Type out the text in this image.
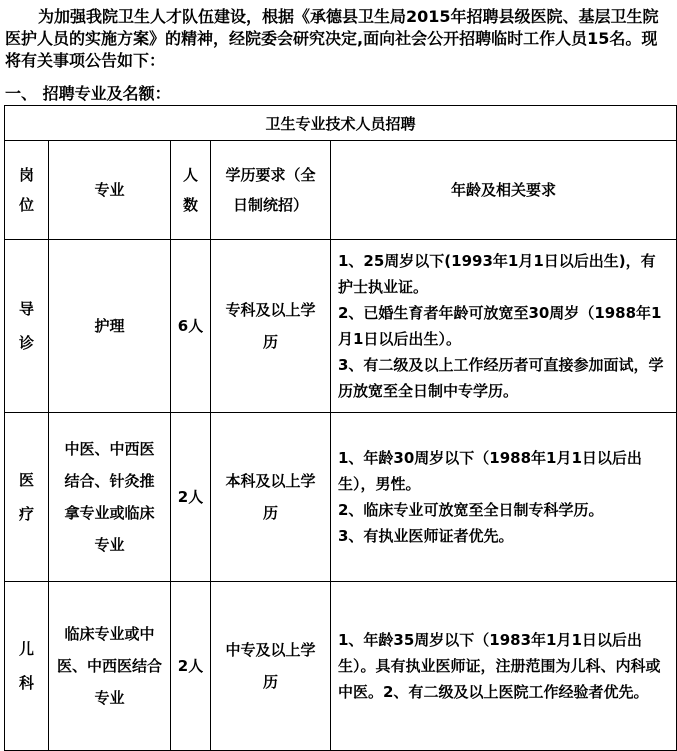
为加强我院卫生人才队伍建设，根据《承德县卫生局2015年招聘县级医院、基层卫生院医护人员的实施方案》的精神，经院委会研究决定,面向社会公开招聘临时工作人员15名。现将有关事项公告如下：

一、 招聘专业及名额：

卫生专业技术人员招聘				

岗位	专业	人数	学历要求（全日制统招）	年龄及相关要求

导诊	护理	6人	专科及以上学历	1、25周岁以下(1993年1月1日以后出生)，有护士执业证。
2、已婚生育者年龄可放宽至30周岁（1988年1月1日以后出生）。
3、有二级及以上工作经历者可直接参加面试，学历放宽至全日制中专学历。

医疗	中医、中西医结合、针灸推拿专业或临床专业	2人	本科及以上学历	1、年龄30周岁以下（1988年1月1日以后出生），男性。
2、临床专业可放宽至全日制专科学历。
3、有执业医师证者优先。

儿科	临床专业或中医、中西医结合专业	2人	中专及以上学历	1、年龄35周岁以下（1983年1月1日以后出生）。具有执业医师证，注册范围为儿科、内科或中医。2、有二级及以上医院工作经验者优先。
